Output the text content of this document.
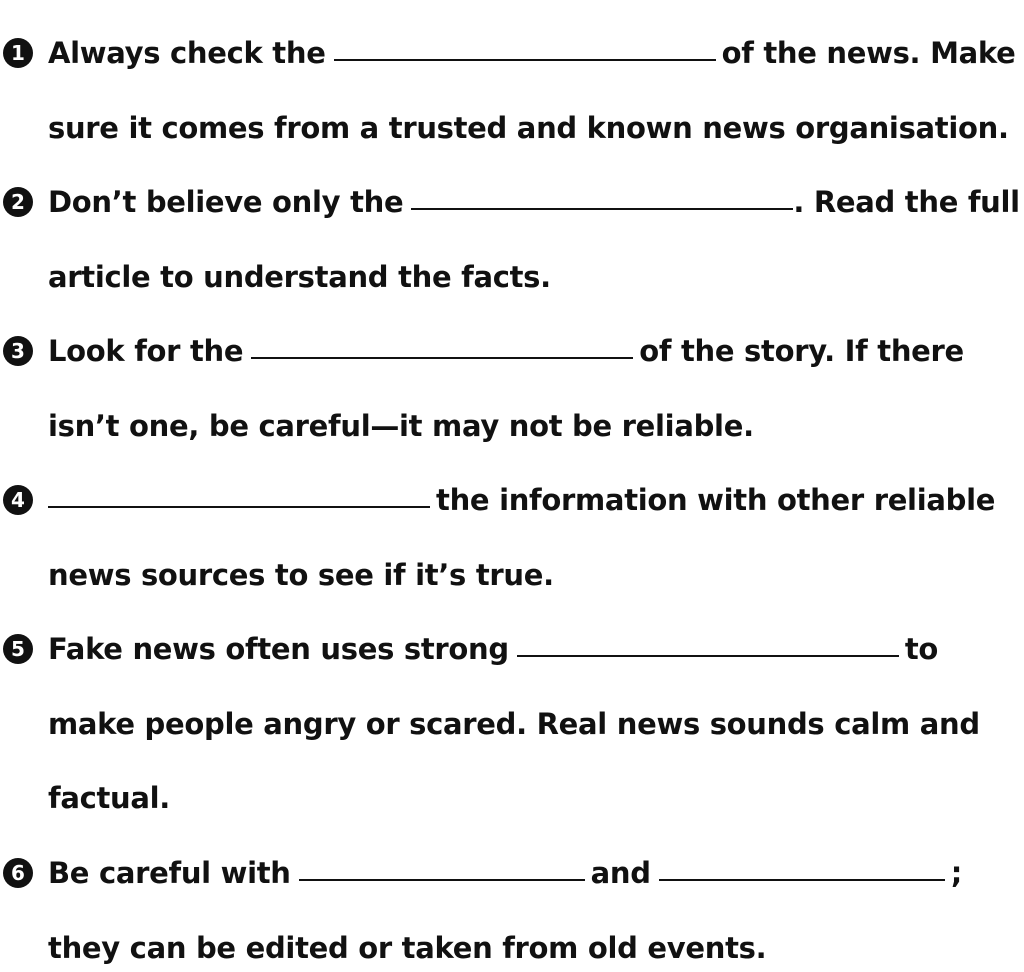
1 Always check the	of the news. Make
sure it comes from a trusted and known news organisation.
2 Don’t believe only the	. Read the full
article to understand the facts.
3 Look for the	of the story. If there
isn’t one, be careful—it may not be reliable.
4	the information with other reliable
news sources to see if it’s true.
5 Fake news often uses strong	to
make people angry or scared. Real news sounds calm and
factual.
6 Be careful with	and	;
they can be edited or taken from old events.
